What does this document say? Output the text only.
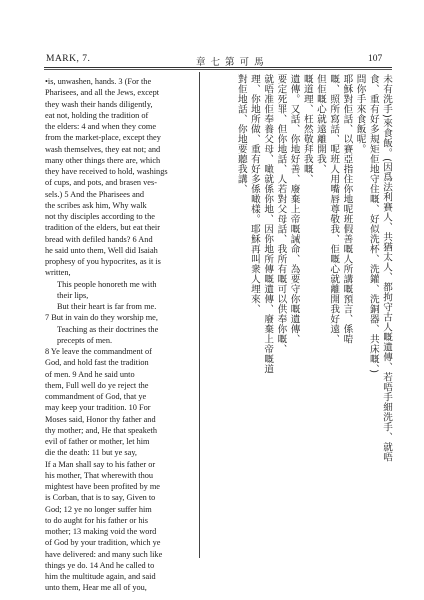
MARK, 7.	章 七 第 可 馬	107
•is, unwashen, hands. 3 (For the
Pharisees, and all the Jews, except
they wash their hands diligently,
eat not, holding the tradition of
the elders: 4 and when they come
from the market-place, except they
wash themselves, they eat not; and
many other things there are, which
they have received to hold, washings
of cups, and pots, and brasen ves-
sels.) 5 And the Pharisees and
the scribes ask him, Why walk
not thy disciples according to the
tradition of the elders, but eat their
bread with defiled hands? 6 And
he said unto them, Well did Isaiah
prophesy of you hypocrites, as it is
written,
This people honoreth me with
their lips,
But their heart is far from me.
7 But in vain do they worship me,
Teaching as their doctrines the
precepts of men.
8 Ye leave the commandment of
God, and hold fast the tradition
of men. 9 And he said unto
them, Full well do ye reject the
commandment of God, that ye
may keep your tradition. 10 For
Moses said, Honor thy father and
thy mother; and, He that speaketh
evil of father or mother, let him
die the death: 11 but ye say,
If a Man shall say to his father or
his mother, That wherewith thou
mightest have been profited by me
is Corban, that is to say, Given to
God; 12 ye no longer suffer him
to do aught for his father or his
mother; 13 making void the word
of God by your tradition, which ye
have delivered: and many such like
things ye do. 14 And he called to
him the multitude again, and said
unto them, Hear me all of you,
未有洗手)來食飯。(因爲法利賽人、共猶太人、都拘守古人嘅遺傳、若唔手細洗手、就唔
食、重有好多規矩佢地守住嘅、好似洗杯、洗鑵、洗銅器、共床嘅、)
問你手來食飯呢。
耶穌對佢話、以賽亞指住你地呢班假善嘅人所講嘅預言、係啱
嘅、照所寫話、呢班人用嘴唇尊敬我、佢嘅心就離開我好遠、
但佢嘅心就遠離開我、
嘅道理、枉然敬拜我嘅、
遺傳。又話、你地好善、廢棄上帝嘅誡命、為要守你嘅遺傳、
要定死罪、但你地話、人若對父母話、我所有嘅可以供奉你嘅、
就唔准佢奉養父母、噉就係你地、因你地所傳嘅遺傳、廢棄上帝嘅道
理、你地所做、重有好多係噉樣。耶穌再叫衆人埋來、
對佢地話、你地要聽我講、
